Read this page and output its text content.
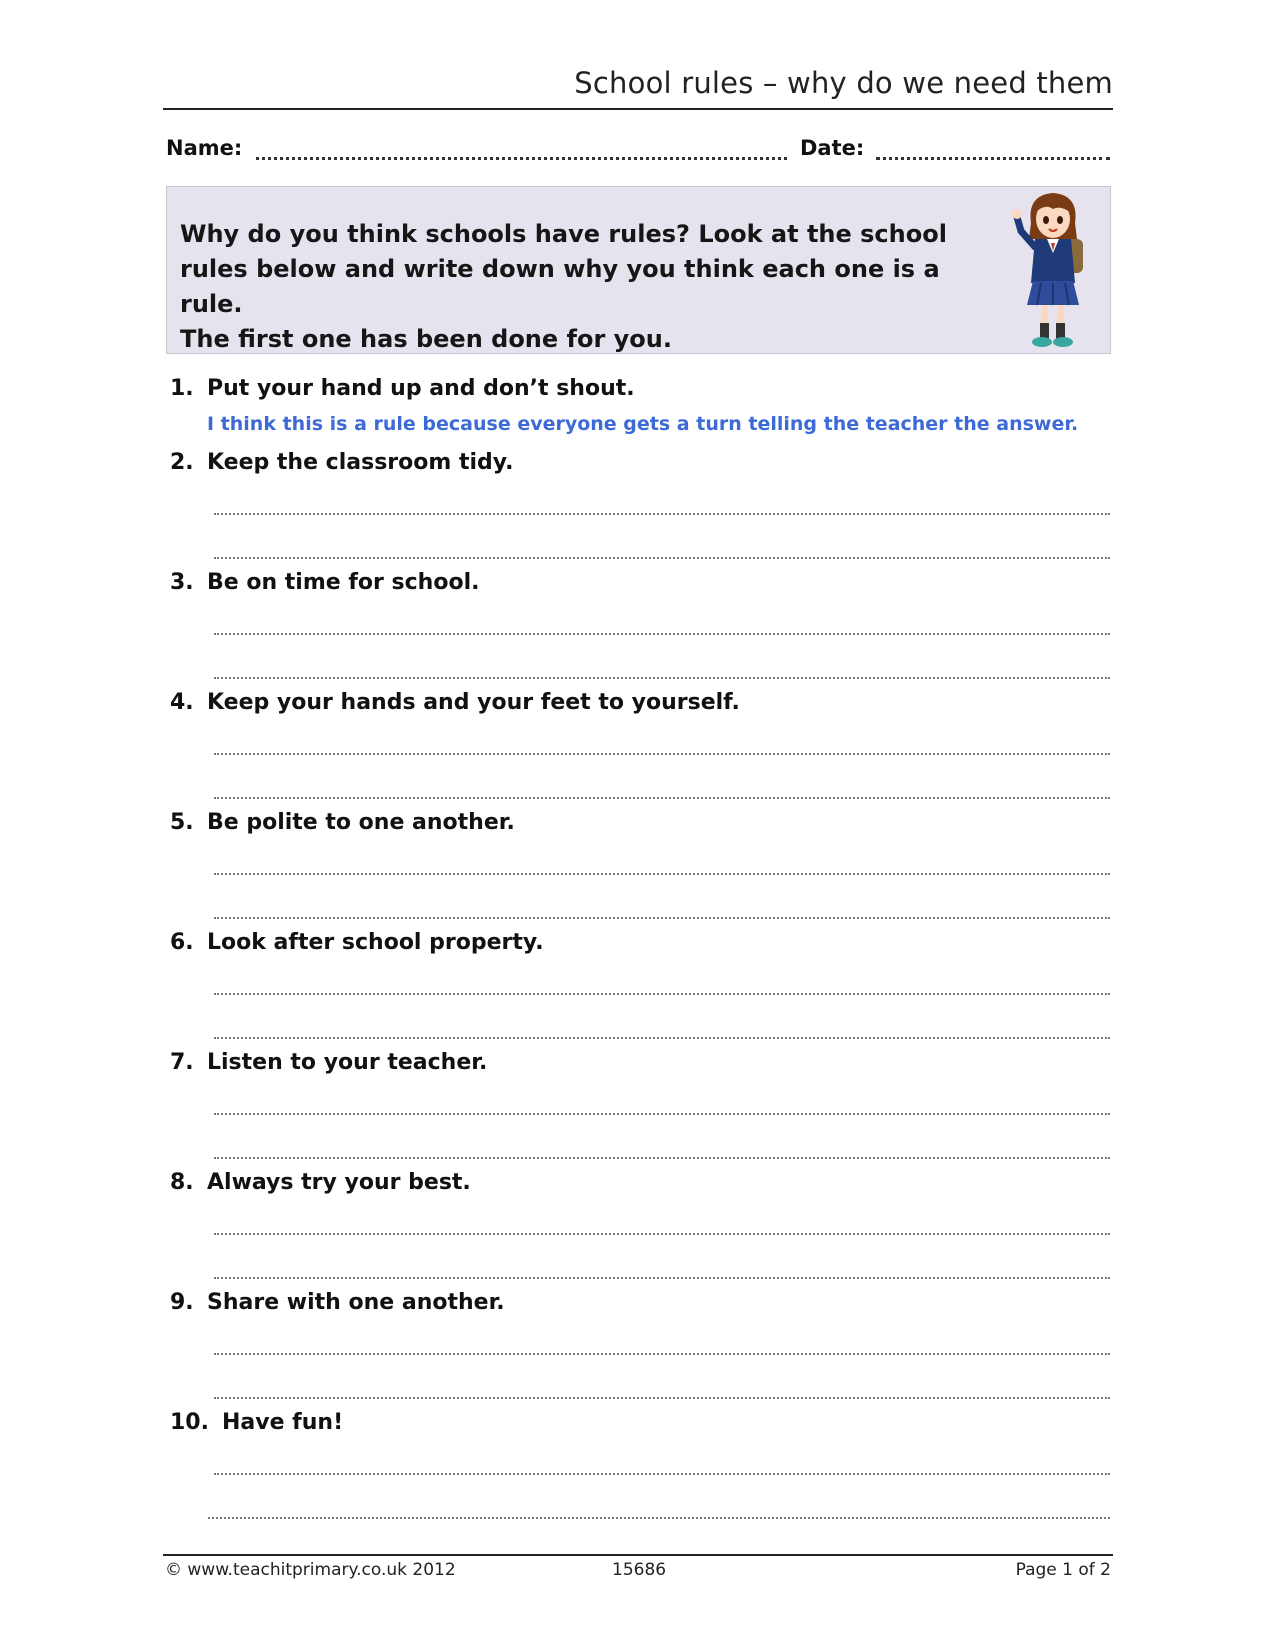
School rules – why do we need them
Name:	Date:
Why do you think schools have rules? Look at the school
rules below and write down why you think each one is a rule.
The first one has been done for you.
1. Put your hand up and don’t shout.
I think this is a rule because everyone gets a turn telling the teacher the answer.
2. Keep the classroom tidy.
3. Be on time for school.
4. Keep your hands and your feet to yourself.
5. Be polite to one another.
6. Look after school property.
7. Listen to your teacher.
8. Always try your best.
9. Share with one another.
10. Have fun!
© www.teachitprimary.co.uk 2012	15686	Page 1 of 2
